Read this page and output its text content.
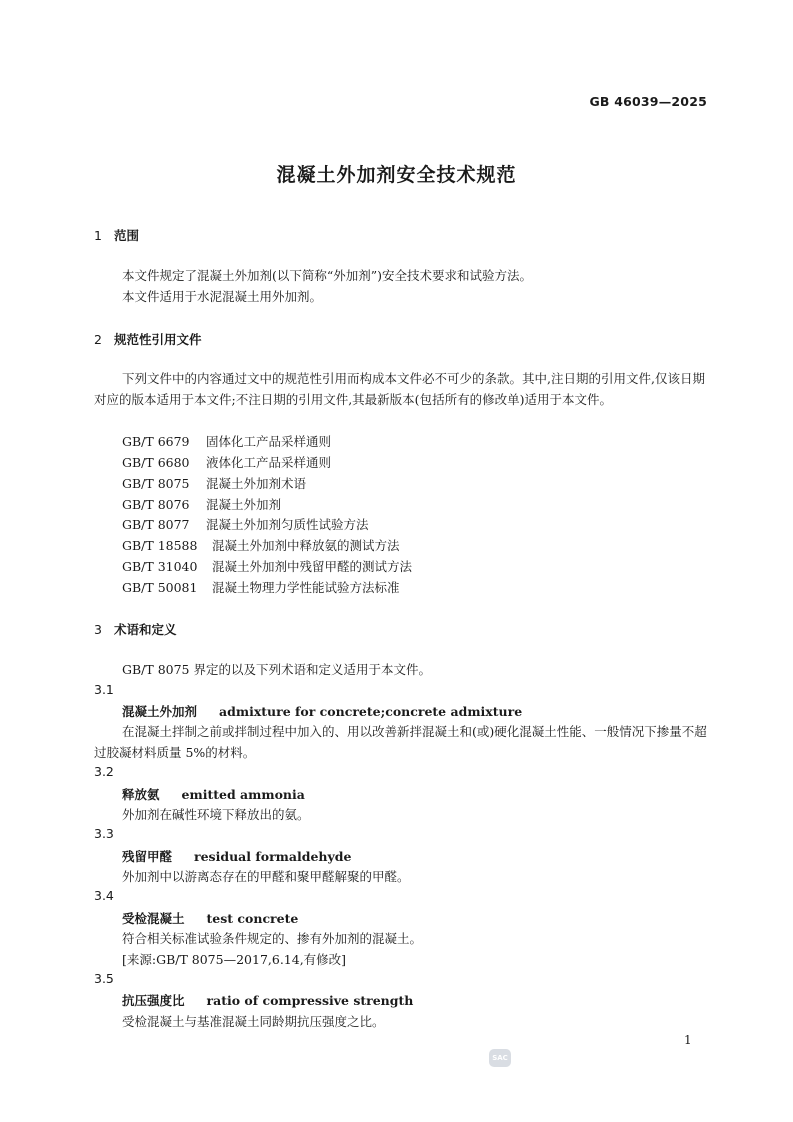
GB 46039—2025
混凝土外加剂安全技术规范
1 范围
本文件规定了混凝土外加剂(以下简称“外加剂”)安全技术要求和试验方法。
本文件适用于水泥混凝土用外加剂。
2 规范性引用文件
下列文件中的内容通过文中的规范性引用而构成本文件必不可少的条款。其中,注日期的引用文件,仅该日期对应的版本适用于本文件;不注日期的引用文件,其最新版本(包括所有的修改单)适用于本文件。
GB/T 6679 固体化工产品采样通则
GB/T 6680 液体化工产品采样通则
GB/T 8075 混凝土外加剂术语
GB/T 8076 混凝土外加剂
GB/T 8077 混凝土外加剂匀质性试验方法
GB/T 18588 混凝土外加剂中释放氨的测试方法
GB/T 31040 混凝土外加剂中残留甲醛的测试方法
GB/T 50081 混凝土物理力学性能试验方法标准
3 术语和定义
GB/T 8075 界定的以及下列术语和定义适用于本文件。
3.1
混凝土外加剂 admixture for concrete;concrete admixture
在混凝土拌制之前或拌制过程中加入的、用以改善新拌混凝土和(或)硬化混凝土性能、一般情况下掺量不超过胶凝材料质量 5%的材料。
3.2
释放氨 emitted ammonia
外加剂在碱性环境下释放出的氨。
3.3
残留甲醛 residual formaldehyde
外加剂中以游离态存在的甲醛和聚甲醛解聚的甲醛。
3.4
受检混凝土 test concrete
符合相关标准试验条件规定的、掺有外加剂的混凝土。
[来源:GB/T 8075—2017,6.14,有修改]
3.5
抗压强度比 ratio of compressive strength
受检混凝土与基准混凝土同龄期抗压强度之比。
SAC
1
